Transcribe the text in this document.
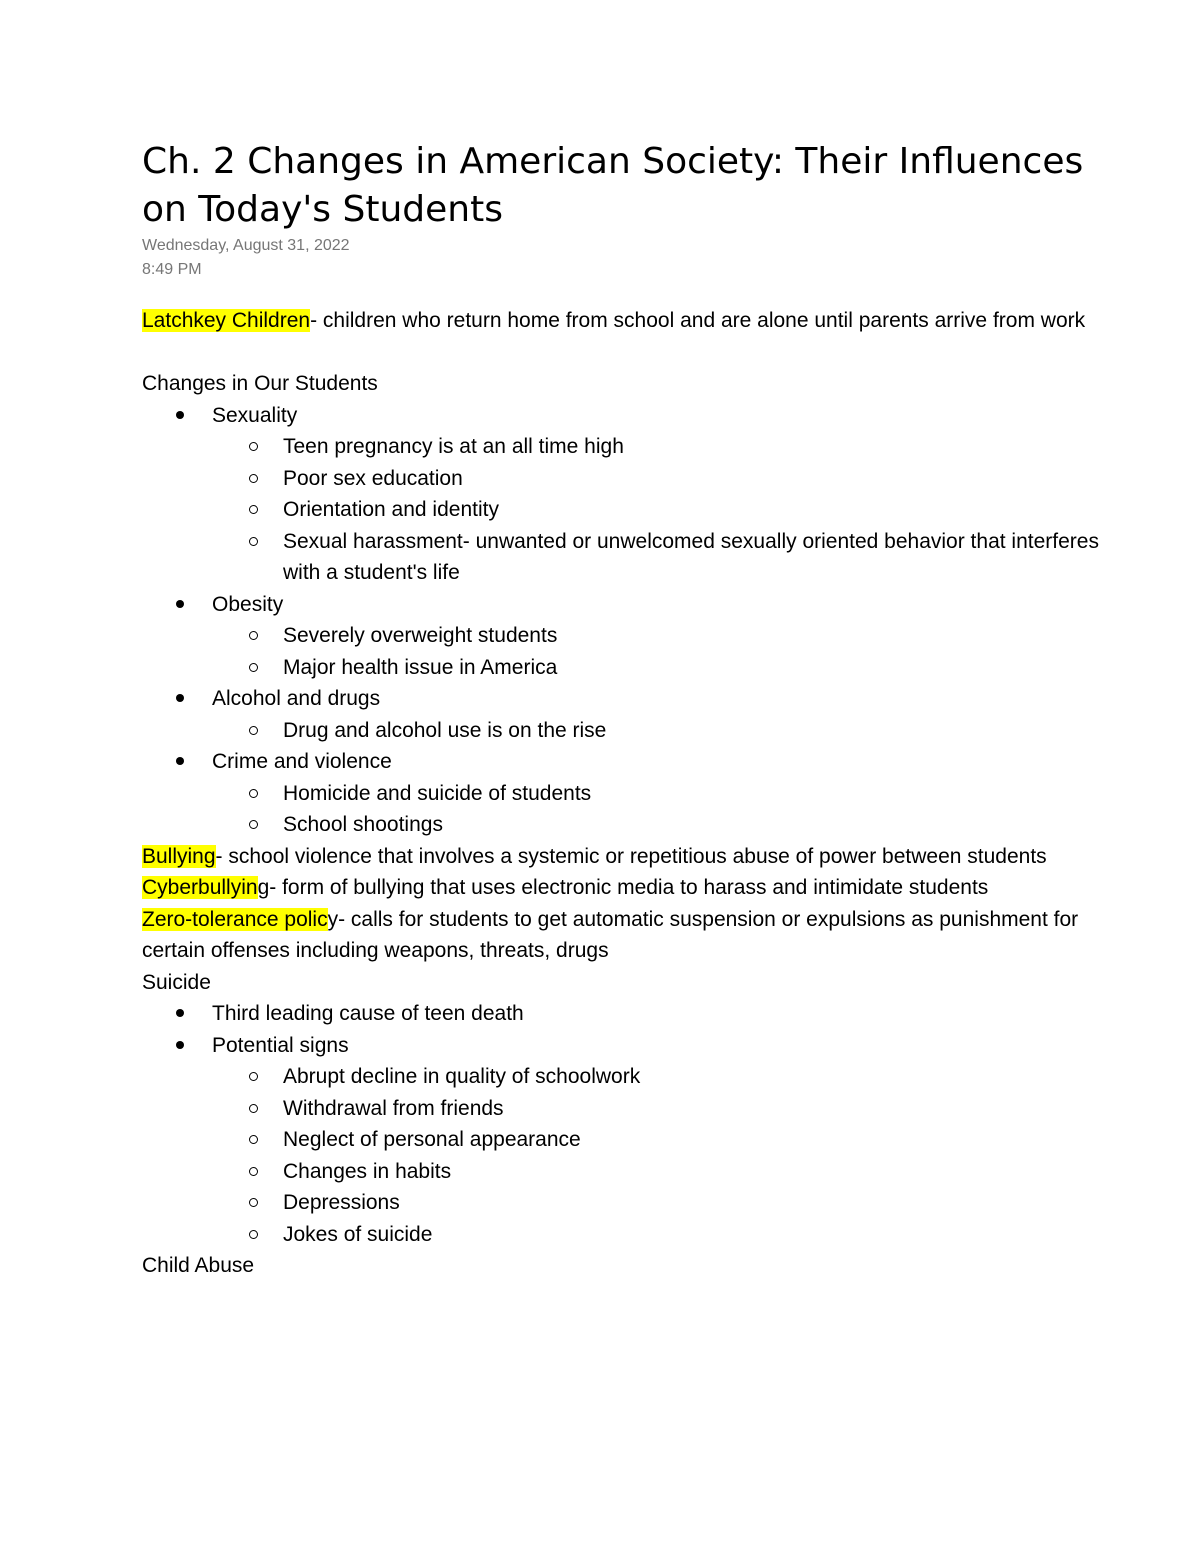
Ch. 2 Changes in American Society: Their Influences on Today's Students
Wednesday, August 31, 2022
8:49 PM

Latchkey Children- children who return home from school and are alone until parents arrive from work

Changes in Our Students

Sexuality
Teen pregnancy is at an all time high
Poor sex education
Orientation and identity
Sexual harassment- unwanted or unwelcomed sexually oriented behavior that interferes with a student's life
Obesity
Severely overweight students
Major health issue in America
Alcohol and drugs
Drug and alcohol use is on the rise
Crime and violence
Homicide and suicide of students
School shootings

Bullying- school violence that involves a systemic or repetitious abuse of power between students

Cyberbullying- form of bullying that uses electronic media to harass and intimidate students

Zero-tolerance policy- calls for students to get automatic suspension or expulsions as punishment for certain offenses including weapons, threats, drugs

Suicide

Third leading cause of teen death
Potential signs
Abrupt decline in quality of schoolwork
Withdrawal from friends
Neglect of personal appearance
Changes in habits
Depressions
Jokes of suicide

Child Abuse
